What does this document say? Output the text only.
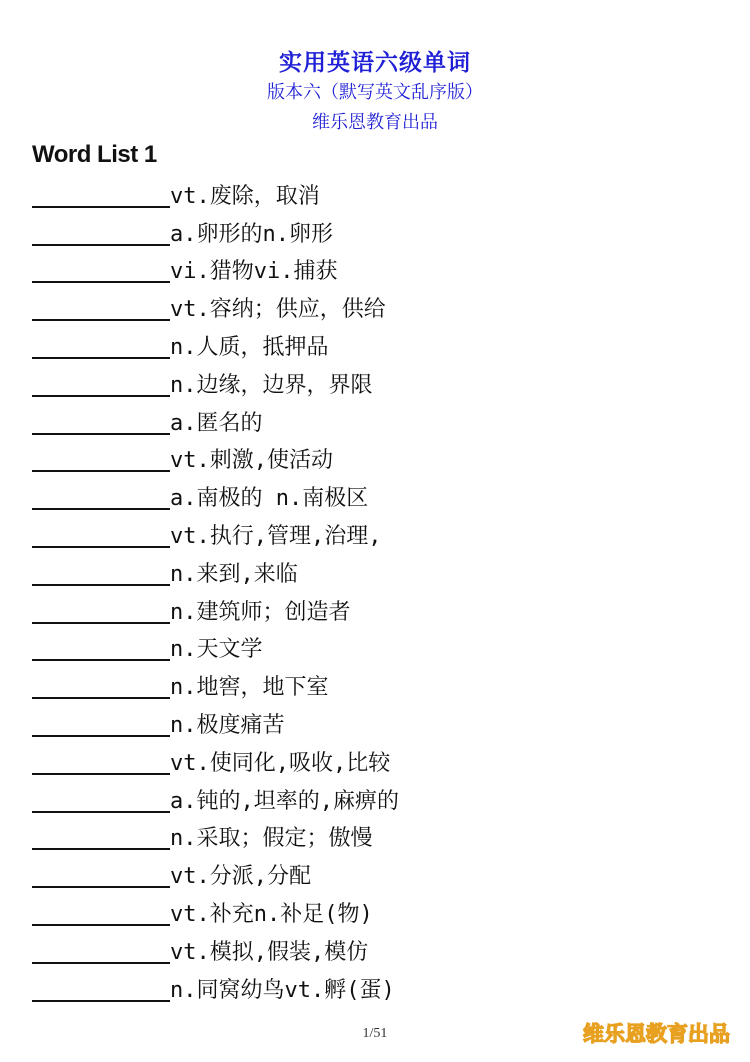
实用英语六级单词
版本六（默写英文乱序版）
维乐恩教育出品
Word List 1
vt.废除，取消
a.卵形的n.卵形
vi.猎物vi.捕获
vt.容纳；供应，供给
n.人质，抵押品
n.边缘，边界，界限
a.匿名的
vt.刺激,使活动
a.南极的 n.南极区
vt.执行,管理,治理,
n.来到,来临
n.建筑师；创造者
n.天文学
n.地窖，地下室
n.极度痛苦
vt.使同化,吸收,比较
a.钝的,坦率的,麻痹的
n.采取；假定；傲慢
vt.分派,分配
vt.补充n.补足(物)
vt.模拟,假装,模仿
n.同窝幼鸟vt.孵(蛋)
1/51	维乐恩教育出品
